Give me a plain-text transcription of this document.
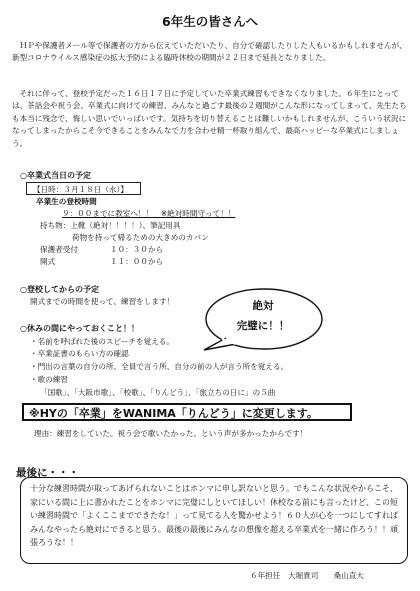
6年生の皆さんへ
　ＨＰや保護者メール等で保護者の方から伝えていただいたり、自分で確認したりした人もいるかもしれませんが、新型コロナウイルス感染症の拡大予防による臨時休校の期間が２２日まで延長となりました。
　それに伴って、登校予定だった１６日１７日に予定していた卒業式練習もできなくなりました。６年生にとっては、茶話会や祝う会、卒業式に向けての練習、みんなと過ごす最後の２週間がこんな形になってしまって、先生たちも本当に残念で、悔しい思いでいっぱいです。気持ちを切り替えることは難しいかもしれませんが、こういう状況になってしまったからこそ今できることをみんなで力を合わせ精一杯取り組んで、最高ハッピーな卒業式にしましょう。
○卒業式当日の予定
【日時：３月１８日（水）】
卒業生の登校時間
９：００までに教室へ！！　※絶対時間守って！！
持ち物：上靴（絶対！！！！）、筆記用具
荷物を持って帰るための大きめのカバン
保護者受付	１０：３０から
開式	１１：００から
○登校してからの予定
開式までの時間を使って、練習をします！	絶対
完璧に！！
○休みの間にやっておくこと！！
・名前を呼ばれた後のスピーチを覚える。
・卒業証書のもらい方の確認
・門出の言葉の自分の所、全員で言う所、自分の前の人が言う所を覚える。
・歌の練習
「国歌」、「大阪市歌」、「校歌」、「りんどう」、「旅立ちの日に」の５曲
※HYの「卒業」をWANIMA「りんどう」に変更します。
理由：練習をしていた。祝う会で歌いたかった。という声が多かったからです！
最後に・・・
十分な練習時間が取ってあげられないことはホンマに申し訳ないと思う。でもこんな状況やからこそ、家にいる間に上に書かれたことをホンマに完璧にしといてほしい！休校なる前にも言ったけど、この短い練習時間で「よくここまでできたな！」って見てる人を驚かせよう！６０人が心を一つにしてすればみんなやったら絶対にできると思う。最後の最後にみんなの想像を超える卒業式を一緒に作ろう！！頑張ろうな！！
６年担任　大堀貴司　　桑山直大
